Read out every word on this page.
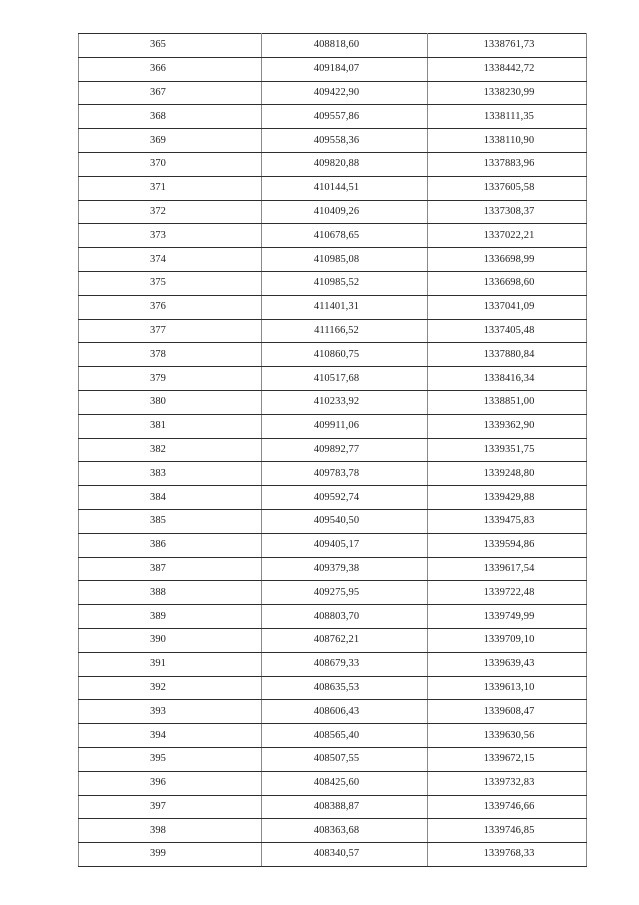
365	408818,60	1338761,73
366	409184,07	1338442,72
367	409422,90	1338230,99
368	409557,86	1338111,35
369	409558,36	1338110,90
370	409820,88	1337883,96
371	410144,51	1337605,58
372	410409,26	1337308,37
373	410678,65	1337022,21
374	410985,08	1336698,99
375	410985,52	1336698,60
376	411401,31	1337041,09
377	411166,52	1337405,48
378	410860,75	1337880,84
379	410517,68	1338416,34
380	410233,92	1338851,00
381	409911,06	1339362,90
382	409892,77	1339351,75
383	409783,78	1339248,80
384	409592,74	1339429,88
385	409540,50	1339475,83
386	409405,17	1339594,86
387	409379,38	1339617,54
388	409275,95	1339722,48
389	408803,70	1339749,99
390	408762,21	1339709,10
391	408679,33	1339639,43
392	408635,53	1339613,10
393	408606,43	1339608,47
394	408565,40	1339630,56
395	408507,55	1339672,15
396	408425,60	1339732,83
397	408388,87	1339746,66
398	408363,68	1339746,85
399	408340,57	1339768,33
